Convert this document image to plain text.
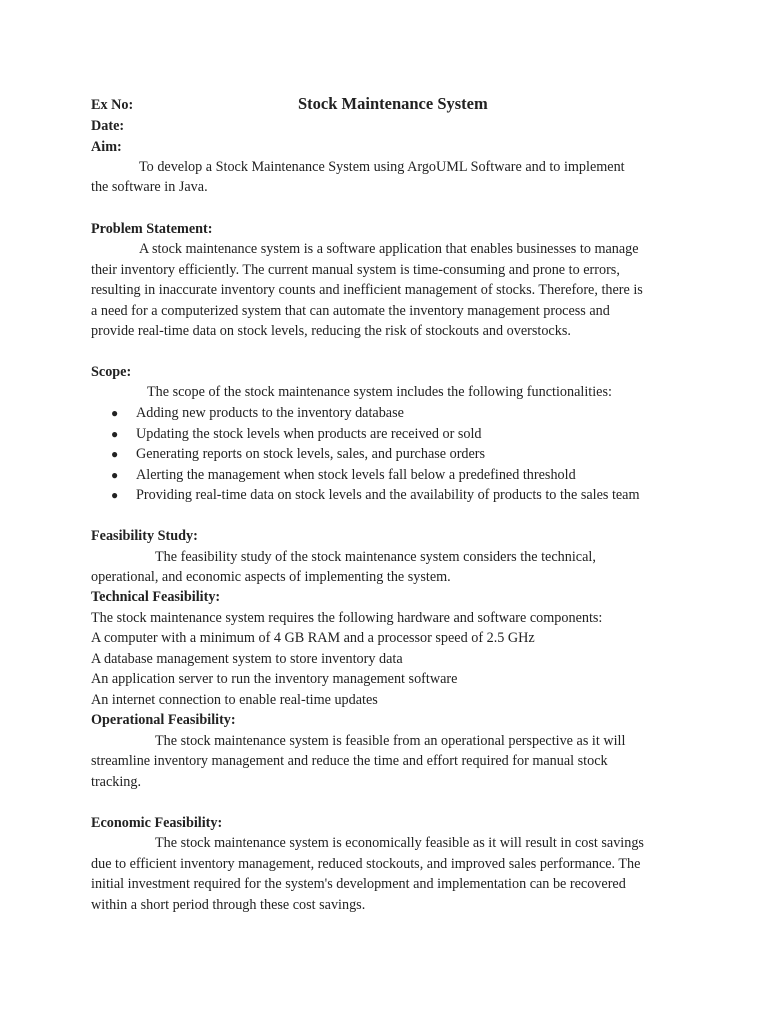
Ex No:	Stock Maintenance System
Date:
Aim:
To develop a Stock Maintenance System using ArgoUML Software and to implement
the software in Java.
Problem Statement:
A stock maintenance system is a software application that enables businesses to manage
their inventory efficiently. The current manual system is time-consuming and prone to errors,
resulting in inaccurate inventory counts and inefficient management of stocks. Therefore, there is
a need for a computerized system that can automate the inventory management process and
provide real-time data on stock levels, reducing the risk of stockouts and overstocks.
Scope:
The scope of the stock maintenance system includes the following functionalities:
● Adding new products to the inventory database
● Updating the stock levels when products are received or sold
● Generating reports on stock levels, sales, and purchase orders
● Alerting the management when stock levels fall below a predefined threshold
● Providing real-time data on stock levels and the availability of products to the sales team
Feasibility Study:
The feasibility study of the stock maintenance system considers the technical,
operational, and economic aspects of implementing the system.
Technical Feasibility:
The stock maintenance system requires the following hardware and software components:
A computer with a minimum of 4 GB RAM and a processor speed of 2.5 GHz
A database management system to store inventory data
An application server to run the inventory management software
An internet connection to enable real-time updates
Operational Feasibility:
The stock maintenance system is feasible from an operational perspective as it will
streamline inventory management and reduce the time and effort required for manual stock
tracking.
Economic Feasibility:
The stock maintenance system is economically feasible as it will result in cost savings
due to efficient inventory management, reduced stockouts, and improved sales performance. The
initial investment required for the system's development and implementation can be recovered
within a short period through these cost savings.
